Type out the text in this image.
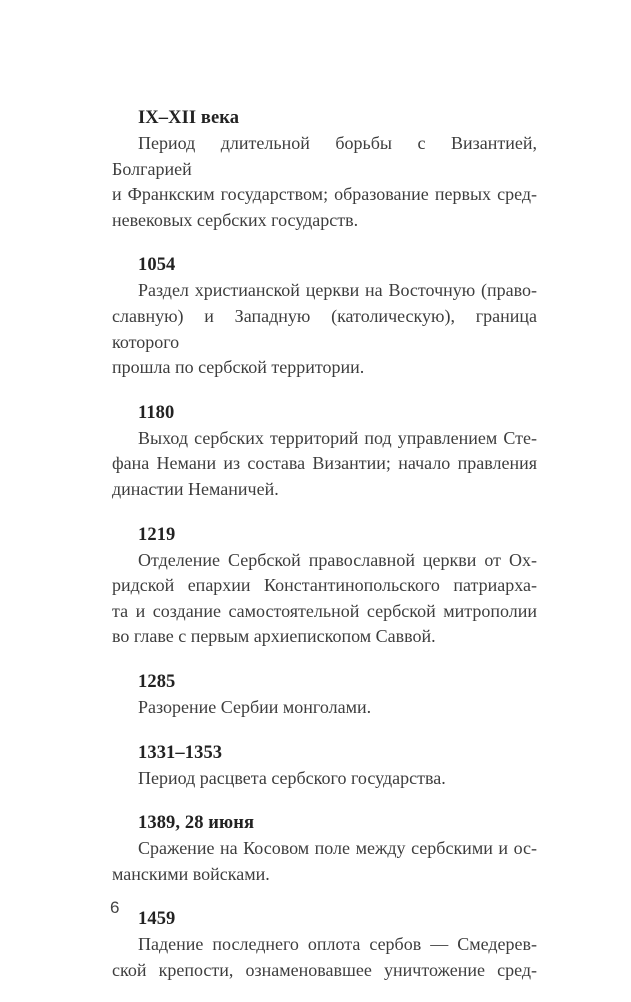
IX–XII века
Период длительной борьбы с Византией, Болгарией
и Франкским государством; образование первых сред-
невековых сербских государств.
1054
Раздел христианской церкви на Восточную (право-
славную) и Западную (католическую), граница которого
прошла по сербской территории.
1180
Выход сербских территорий под управлением Сте-
фана Немани из состава Византии; начало правления
династии Неманичей.
1219
Отделение Сербской православной церкви от Ох-
ридской епархии Константинопольского патриарха-
та и создание самостоятельной сербской митрополии
во главе с первым архиепископом Саввой.
1285
Разорение Сербии монголами.
1331–1353
Период расцвета сербского государства.
1389, 28 июня
Сражение на Косовом поле между сербскими и ос-
манскими войсками.
1459
Падение последнего оплота сербов — Смедерев-
ской крепости, ознаменовавшее уничтожение сред-
6
